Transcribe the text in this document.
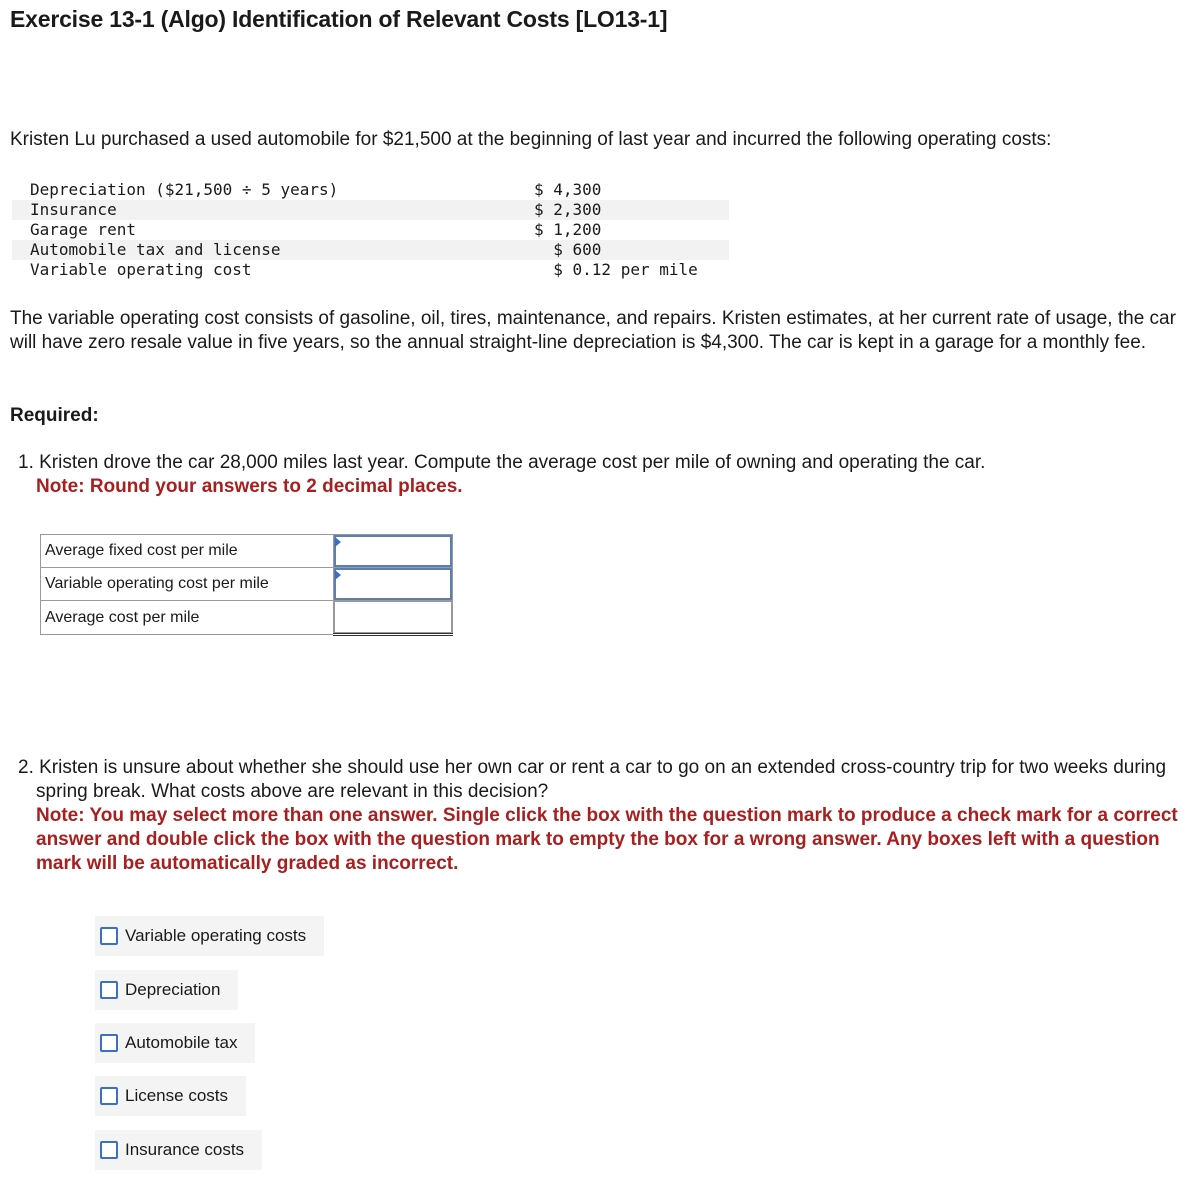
Exercise 13-1 (Algo) Identification of Relevant Costs [LO13-1]

Kristen Lu purchased a used automobile for $21,500 at the beginning of last year and incurred the following operating costs:

Depreciation ($21,500 ÷ 5 years)	$ 4,300
Insurance	$ 2,300
Garage rent	$ 1,200
Automobile tax and license	$ 600
Variable operating cost	$ 0.12 per mile

The variable operating cost consists of gasoline, oil, tires, maintenance, and repairs. Kristen estimates, at her current rate of usage, the car will have zero resale value in five years, so the annual straight-line depreciation is $4,300. The car is kept in a garage for a monthly fee.

Required:

1. Kristen drove the car 28,000 miles last year. Compute the average cost per mile of owning and operating the car.
Note: Round your answers to 2 decimal places.
Average fixed cost per mile	

Variable operating cost per mile	

Average cost per mile	
2. Kristen is unsure about whether she should use her own car or rent a car to go on an extended cross-country trip for two weeks during spring break. What costs above are relevant in this decision?
Note: You may select more than one answer. Single click the box with the question mark to produce a check mark for a correct answer and double click the box with the question mark to empty the box for a wrong answer. Any boxes left with a question mark will be automatically graded as incorrect.
Variable operating costs
Depreciation
Automobile tax
License costs
Insurance costs
